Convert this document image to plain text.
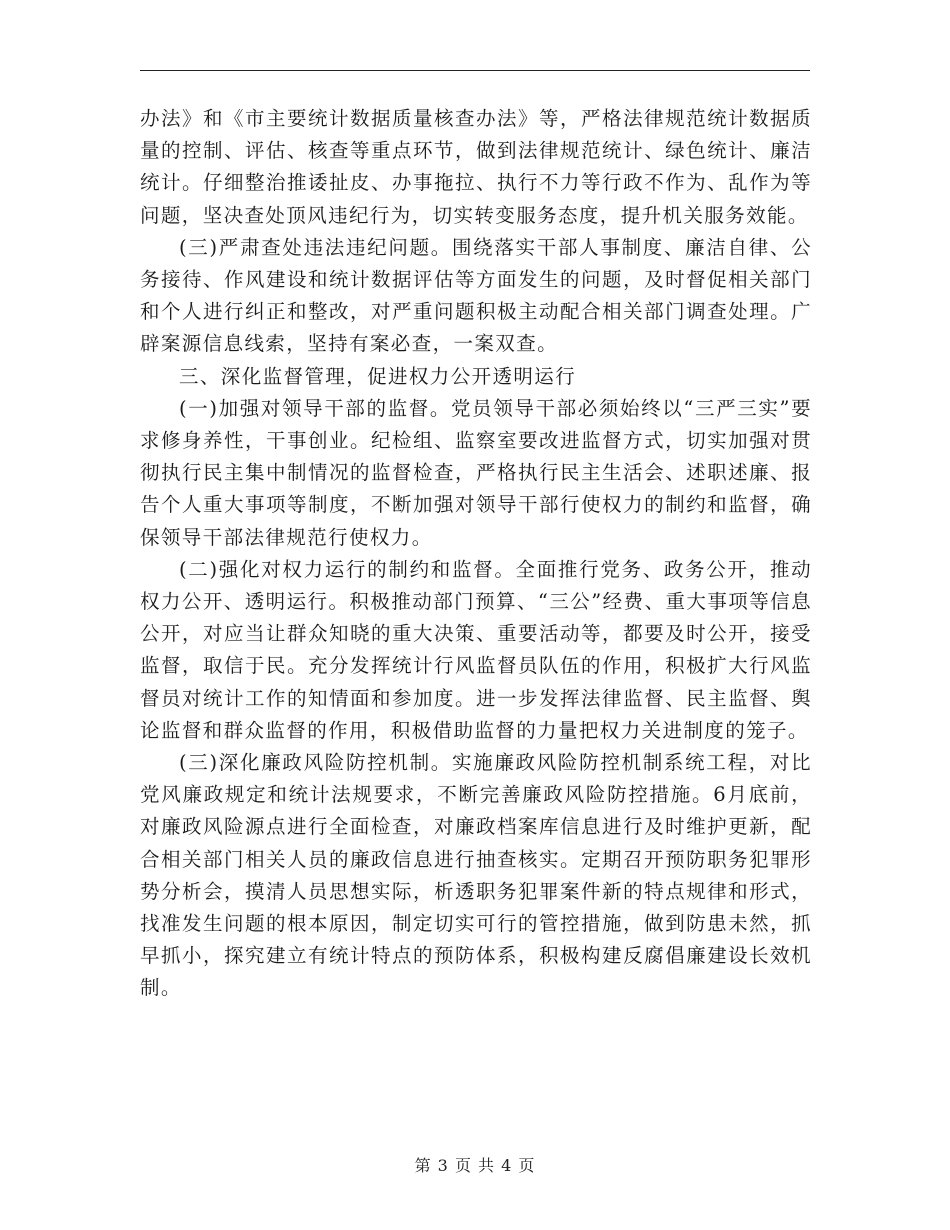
办法》和《市主要统计数据质量核查办法》等，严格法律规范统计数据质量的控制、评估、核查等重点环节，做到法律规范统计、绿色统计、廉洁统计。仔细整治推诿扯皮、办事拖拉、执行不力等行政不作为、乱作为等问题，坚决查处顶风违纪行为，切实转变服务态度，提升机关服务效能。

(三)严肃查处违法违纪问题。围绕落实干部人事制度、廉洁自律、公务接待、作风建设和统计数据评估等方面发生的问题，及时督促相关部门和个人进行纠正和整改，对严重问题积极主动配合相关部门调查处理。广辟案源信息线索，坚持有案必查，一案双查。

三、深化监督管理，促进权力公开透明运行

(一)加强对领导干部的监督。党员领导干部必须始终以“三严三实”要求修身养性，干事创业。纪检组、监察室要改进监督方式，切实加强对贯彻执行民主集中制情况的监督检查，严格执行民主生活会、述职述廉、报告个人重大事项等制度，不断加强对领导干部行使权力的制约和监督，确保领导干部法律规范行使权力。

(二)强化对权力运行的制约和监督。全面推行党务、政务公开，推动权力公开、透明运行。积极推动部门预算、“三公”经费、重大事项等信息公开，对应当让群众知晓的重大决策、重要活动等，都要及时公开，接受监督，取信于民。充分发挥统计行风监督员队伍的作用，积极扩大行风监督员对统计工作的知情面和参加度。进一步发挥法律监督、民主监督、舆论监督和群众监督的作用，积极借助监督的力量把权力关进制度的笼子。

(三)深化廉政风险防控机制。实施廉政风险防控机制系统工程，对比党风廉政规定和统计法规要求，不断完善廉政风险防控措施。6月底前，对廉政风险源点进行全面检查，对廉政档案库信息进行及时维护更新，配合相关部门相关人员的廉政信息进行抽查核实。定期召开预防职务犯罪形势分析会，摸清人员思想实际，析透职务犯罪案件新的特点规律和形式，找准发生问题的根本原因，制定切实可行的管控措施，做到防患未然，抓早抓小，探究建立有统计特点的预防体系，积极构建反腐倡廉建设长效机制。

第 3 页 共 4 页
